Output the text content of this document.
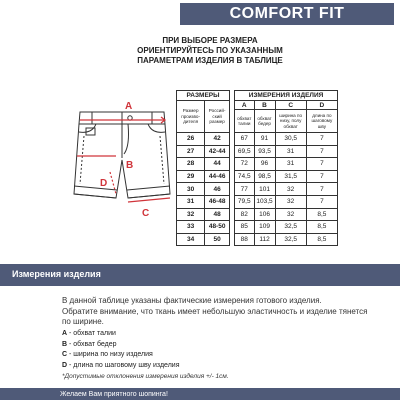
COMFORT FIT
ПРИ ВЫБОРЕ РАЗМЕРА
ОРИЕНТИРУЙТЕСЬ ПО УКАЗАННЫМ
ПАРАМЕТРАМ ИЗДЕЛИЯ В ТАБЛИЦЕ
A
B
C
D
РАЗМЕРЫ	
Размер произво-дителя	Россий-ский размер
26	42
27	42-44
28	44
29	44-46
30	46
31	46-48
32	48
33	48-50
34	50
ИЗМЕРЕНИЯ ИЗДЕЛИЯ			
A	B	C	D
обхват талии	обхват бедер	ширина по низу, полу обхват	длина по шаговому шву
67	91	30,5	7
69,5	93,5	31	7
72	96	31	7
74,5	98,5	31,5	7
77	101	32	7
79,5	103,5	32	7
82	106	32	8,5
85	109	32,5	8,5
88	112	32,5	8,5
Измерения изделия
В данной таблице указаны фактические измерения готового изделия.
Обратите внимание, что ткань имеет небольшую эластичность и изделие тянется
по ширине.
A - обхват талии
B - обхват бедер
C - ширина по низу изделия
D - длина по шаговому шву изделия
*Допустимые отклонения измерения изделия +/- 1см.
Желаем Вам приятного шопинга!
